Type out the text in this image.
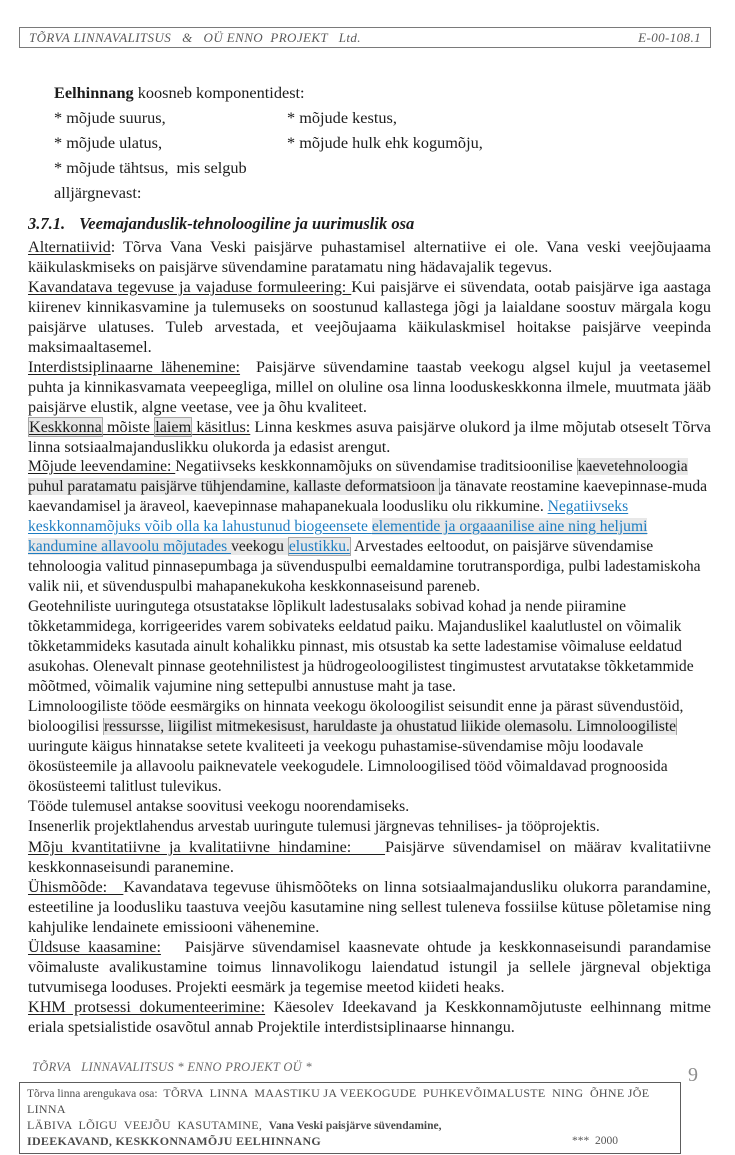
TÕRVA LINNAVALITSUS   &   OÜ ENNO  PROJEKT   Ltd.	E-00-108.1
Eelhinnang koosneb komponentidest:
* mõjude suurus,	* mõjude kestus,
* mõjude ulatus,	* mõjude hulk ehk kogumõju,
* mõjude tähtsus,  mis selgub alljärgnevast:
3.7.1. Veemajanduslik-tehnoloogiline ja uurimuslik osa

Alternatiivid: Tõrva Vana Veski paisjärve puhastamisel alternatiive ei ole. Vana veski veejõujaama käikulaskmiseks on paisjärve süvendamine paratamatu ning hädavajalik tegevus.

Kavandatava tegevuse ja vajaduse formuleering: Kui paisjärve ei süvendata, ootab paisjärve iga aastaga kiirenev kinnikasvamine ja tulemuseks on soostunud kallastega jõgi ja laialdane soostuv märgala kogu paisjärve ulatuses. Tuleb arvestada, et veejõujaama käikulaskmisel hoitakse paisjärve veepinda maksimaaltasemel.

Interdistsiplinaarne lähenemine:  Paisjärve süvendamine taastab veekogu algsel kujul ja veetasemel puhta ja kinnikasvamata veepeegliga, millel on oluline osa linna looduskeskkonna ilmele, muutmata jääb paisjärve elustik, algne veetase, vee ja õhu kvaliteet.

Keskkonna mõiste laiem käsitlus: Linna keskmes asuva paisjärve olukord ja ilme mõjutab otseselt Tõrva linna sotsiaalmajanduslikku olukorda ja edasist arengut.

Mõjude leevendamine: Negatiivseks keskkonnamõjuks on süvendamise traditsioonilise kaevetehnoloogia puhul paratamatu paisjärve tühjendamine, kallaste deformatsioon ja tänavate reostamine kaevepinnase-muda kaevandamisel ja äraveol, kaevepinnase mahapanekuala loodusliku olu rikkumine. Negatiivseks keskkonnamõjuks võib olla ka lahustunud biogeensete elementide ja orgaaanilise aine ning heljumi kandumine allavoolu mõjutades veekogu elustikku. Arvestades eeltoodut, on paisjärve süvendamise tehnoloogia valitud pinnasepumbaga ja süvenduspulbi eemaldamine torutranspordiga, pulbi ladestamiskoha valik nii, et süvenduspulbi mahapanekukoha keskkonnaseisund pareneb.

Geotehniliste uuringutega otsustatakse lõplikult ladestusalaks sobivad kohad ja nende piiramine tõkketammidega, korrigeerides varem sobivateks eeldatud paiku. Majanduslikel kaalutlustel on võimalik tõkketammideks kasutada ainult kohalikku pinnast, mis otsustab ka sette ladestamise võimaluse eeldatud asukohas. Olenevalt pinnase geotehnilistest ja hüdrogeoloogilistest tingimustest arvutatakse tõkketammide mõõtmed, võimalik vajumine ning settepulbi annustuse maht ja tase.

Limnoloogiliste tööde eesmärgiks on hinnata veekogu ökoloogilist seisundit enne ja pärast süvendustöid, bioloogilisi ressursse, liigilist mitmekesisust, haruldaste ja ohustatud liikide olemasolu. Limnoloogiliste uuringute käigus hinnatakse setete kvaliteeti ja veekogu puhastamise-süvendamise mõju loodavale ökosüsteemile ja allavoolu paiknevatele veekogudele. Limnoloogilised tööd võimaldavad prognoosida ökosüsteemi talitlust tulevikus.

Tööde tulemusel antakse soovitusi veekogu noorendamiseks.

Insenerlik projektlahendus arvestab uuringute tulemusi järgnevas tehnilises- ja tööprojektis.

Mõju kvantitatiivne ja kvalitatiivne hindamine:    Paisjärve süvendamisel on määrav kvalitatiivne keskkonnaseisundi paranemine.

Ühismõõde:   Kavandatava tegevuse ühismõõteks on linna sotsiaalmajandusliku olukorra parandamine, esteetiline ja loodusliku taastuva veejõu kasutamine ning sellest tuleneva fossiilse kütuse põletamise ning kahjulike lendainete emissiooni vähenemine.

Üldsuse kaasamine:   Paisjärve süvendamisel kaasnevate ohtude ja keskkonnaseisundi parandamise võimaluste avalikustamine toimus linnavolikogu laiendatud istungil ja sellele järgneval objektiga tutvumisega looduses. Projekti eesmärk ja tegemise meetod kiideti heaks.

KHM protsessi dokumenteerimine: Käesolev Ideekavand ja Keskkonnamõjutuste eelhinnang mitme eriala spetsialistide osavõtul annab Projektile interdistsiplinaarse hinnangu.

TÕRVA   LINNAVALITSUS * ENNO PROJEKT OÜ *	9
Tõrva linna arengukava osa:  TÕRVA  LINNA  MAASTIKU JA VEEKOGUDE  PUHKEVÕIMALUSTE  NING  ÕHNE JÕE LINNA
LÄBIVA  LÕIGU  VEEJÕU  KASUTAMINE,  Vana Veski paisjärve süvendamine,
IDEEKAVAND, KESKKONNAMÕJU EELHINNANG	***  2000
